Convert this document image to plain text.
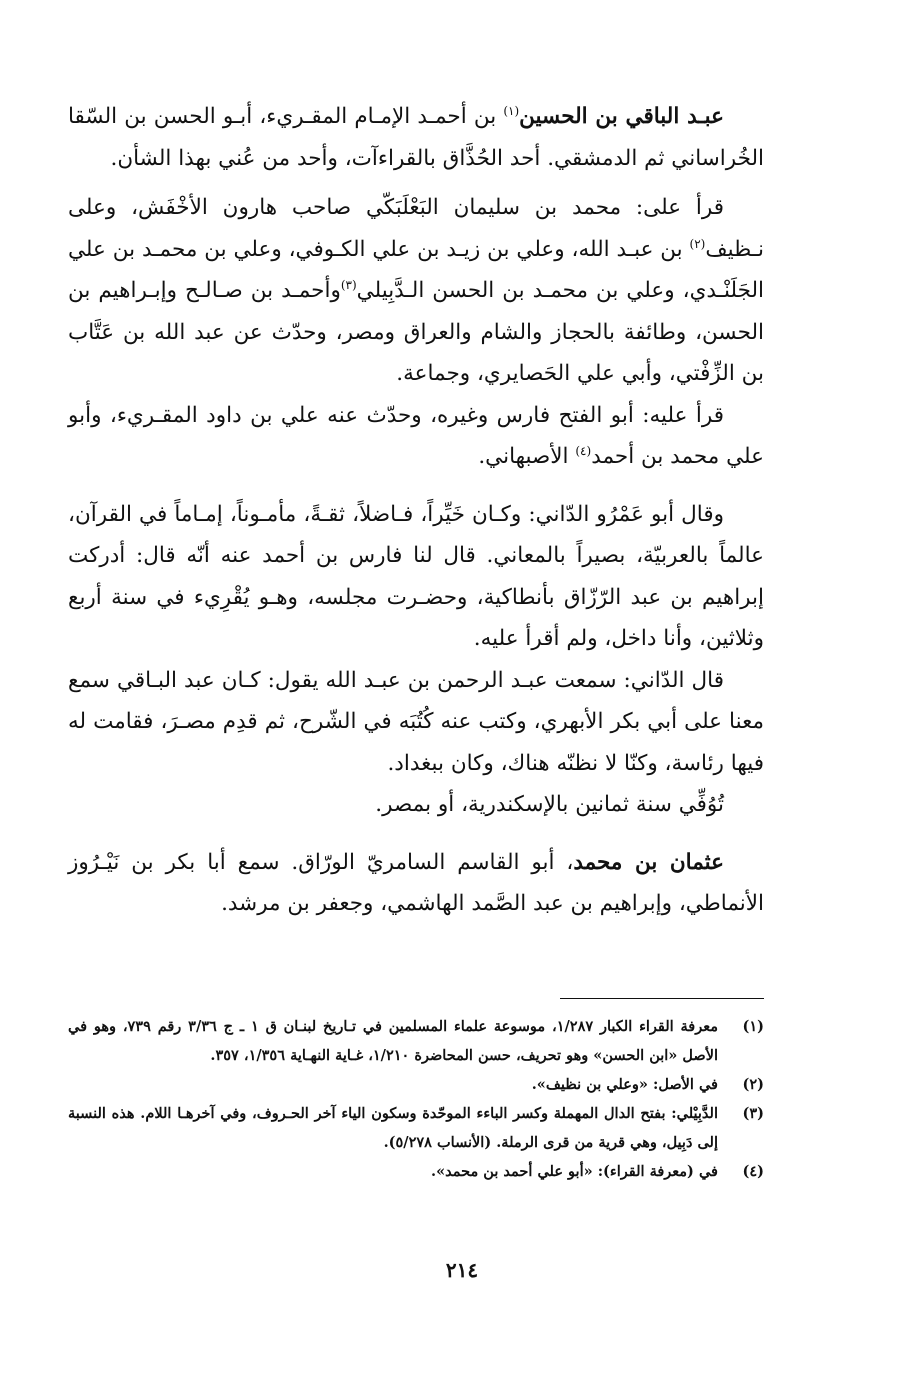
عبـد الباقي بن الحسين$^{(١)}$ بن أحمـد الإمـام المقـريء، أبـو الحسن بن السّقا الخُراساني ثم الدمشقي. أحد الحُذَّاق بالقراءآت، وأحد من عُني بهذا الشأن.

قرأ على: محمد بن سليمان البَعْلَبَكّي صاحب هارون الأخْفَش، وعلى نـظيف$^{(٢)}$ بن عبـد الله، وعلي بن زيـد بن علي الكـوفي، وعلي بن محمـد بن علي الجَلَنْـدي، وعلي بن محمـد بن الحسن الـدَّبِيلي$^{(٣)}$وأحمـد بن صـالـح وإبـراهيم بن الحسن، وطائفة بالحجاز والشام والعراق ومصر، وحدّث عن عبد الله بن عَتَّاب بن الزِّفْتي، وأبي علي الحَصايري، وجماعة.

قرأ عليه: أبو الفتح فارس وغيره، وحدّث عنه علي بن داود المقـريء، وأبو علي محمد بن أحمد$^{(٤)}$ الأصبهاني.

وقال أبو عَمْرُو الدّاني: وكـان خَيِّراً، فـاضلاً، ثقـةً، مأمـوناً، إمـاماً في القرآن، عالماً بالعربيّة، بصيراً بالمعاني. قال لنا فارس بن أحمد عنه أنّه قال: أدركت إبراهيم بن عبد الرّزّاق بأنطاكية، وحضـرت مجلسه، وهـو يُقْرِيء في سنة أربع وثلاثين، وأنا داخل، ولم أقرأ عليه.

قال الدّاني: سمعت عبـد الرحمن بن عبـد الله يقول: كـان عبد البـاقي سمع معنا على أبي بكر الأبهري، وكتب عنه كُتُبَه في الشّرح، ثم قدِم مصـرَ، فقامت له فيها رئاسة، وكنّا لا نظنّه هناك، وكان ببغداد.

تُوُفِّي سنة ثمانين بالإسكندرية، أو بمصر.

عثمان بن محمد، أبو القاسم السامريّ الورّاق. سمع أبا بكر بن نَيْـرُوز الأنماطي، وإبراهيم بن عبد الصَّمد الهاشمي، وجعفر بن مرشد.

(١)
معرفة القراء الكبار ١/٢٨٧، موسوعة علماء المسلمين في تـاريخ لبنـان ق ١ ـ ج ٣/٣٦ رقم ٧٣٩، وهو في الأصل «ابن الحسن» وهو تحريف، حسن المحاضرة ١/٢١٠، غـاية النهـاية ١/٣٥٦، ٣٥٧.
(٢)
في الأصل: «وعلي بن نظيف».
(٣)
الدَّبِيْلي: بفتح الدال المهملة وكسر الباءء الموحّدة وسكون الياء آخر الحـروف، وفي آخرهـا اللام. هذه النسبة إلى دَبِيل، وهي قرية من قرى الرملة. (الأنساب ٥/٢٧٨).
(٤)
في (معرفة القراء): «أبو علي أحمد بن محمد».
٢١٤
